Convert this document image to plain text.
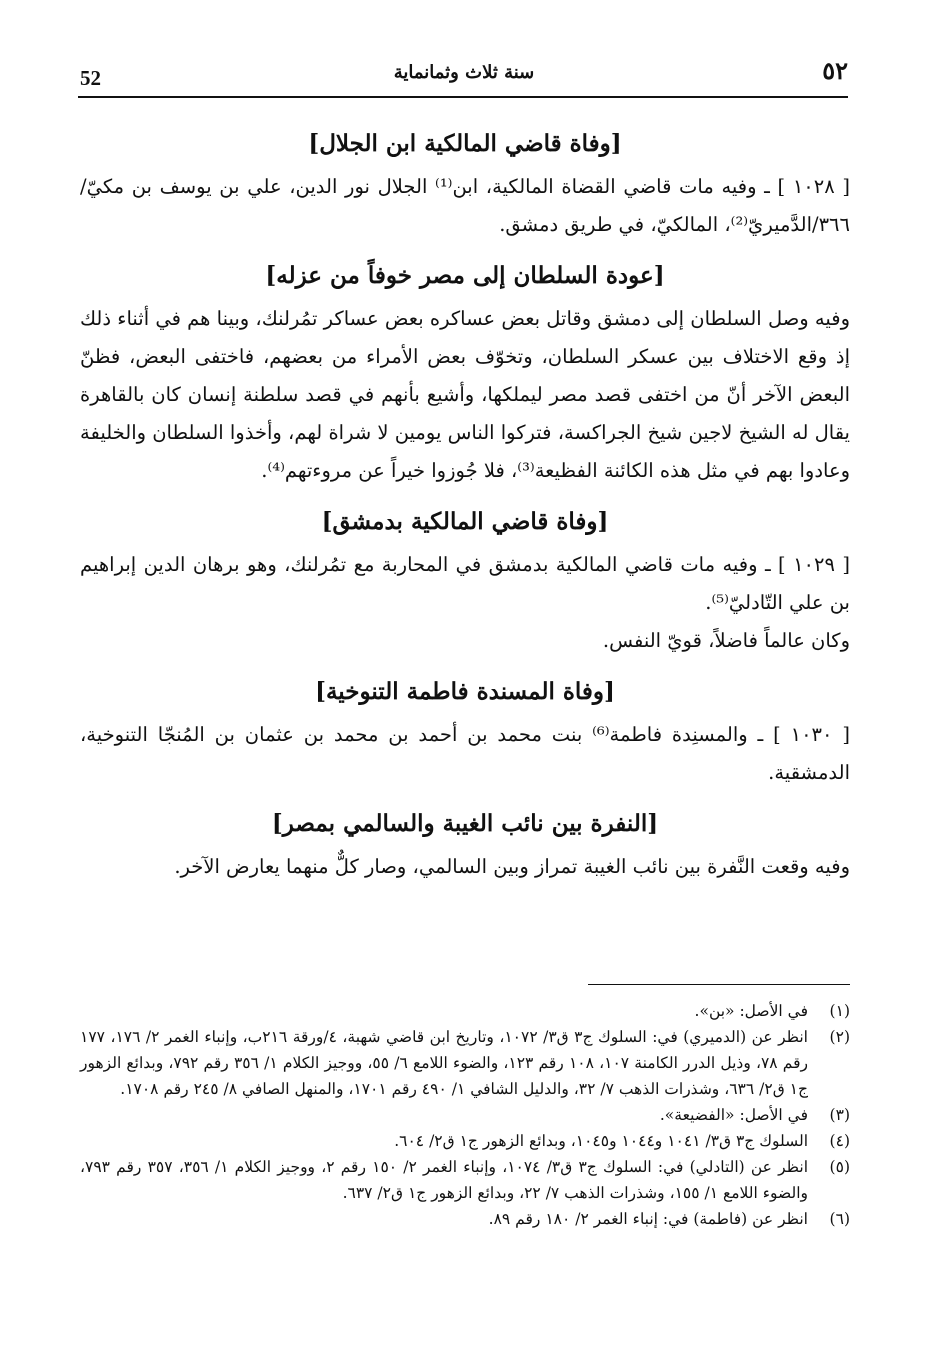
٥٢
سنة ثلاث وثمانماية
52
[وفاة قاضي المالكية ابن الجلال]

[ ١٠٢٨ ] ـ وفيه مات قاضي القضاة المالكية، ابن⁽¹⁾ الجلال نور الدين، علي بن يوسف بن مكيّ/ ٣٦٦/الدَّميريّ⁽²⁾، المالكيّ، في طريق دمشق.

[عودة السلطان إلى مصر خوفاً من عزله]

وفيه وصل السلطان إلى دمشق وقاتل بعض عساكره بعض عساكر تمُرلنك، وبينا هم في أثناء ذلك إذ وقع الاختلاف بين عسكر السلطان، وتخوّف بعض الأمراء من بعضهم، فاختفى البعض، فظنّ البعض الآخر أنّ من اختفى قصد مصر ليملكها، وأشيع بأنهم في قصد سلطنة إنسان كان بالقاهرة يقال له الشيخ لاجين شيخ الجراكسة، فتركوا الناس يومين لا شراة لهم، وأخذوا السلطان والخليفة وعادوا بهم في مثل هذه الكائنة الفظيعة⁽³⁾، فلا جُوزوا خيراً عن مروءتهم⁽⁴⁾.

[وفاة قاضي المالكية بدمشق]

[ ١٠٢٩ ] ـ وفيه مات قاضي المالكية بدمشق في المحاربة مع تمُرلنك، وهو برهان الدين إبراهيم بن علي التّادليّ⁽⁵⁾.

وكان عالماً فاضلاً، قويّ النفس.

[وفاة المسندة فاطمة التنوخية]

[ ١٠٣٠ ] ـ والمسنِدة فاطمة⁽⁶⁾ بنت محمد بن أحمد بن محمد بن عثمان بن المُنجّا التنوخية، الدمشقية.

[النفرة بين نائب الغيبة والسالمي بمصر]

وفيه وقعت النَّفرة بين نائب الغيبة تمراز وبين السالمي، وصار كلٌّ منهما يعارض الآخر.

(١)
في الأصل: «بن».
(٢)
انظر عن (الدميري) في: السلوك ج٣ ق٣/ ١٠٧٢، وتاريخ ابن قاضي شهبة، ٤/ورقة ٢١٦ب، وإنباء الغمر ٢/ ١٧٦، ١٧٧ رقم ٧٨، وذيل الدرر الكامنة ١٠٧، ١٠٨ رقم ١٢٣، والضوء اللامع ٦/ ٥٥، ووجيز الكلام ١/ ٣٥٦ رقم ٧٩٢، وبدائع الزهور ج١ ق٢/ ٦٣٦، وشذرات الذهب ٧/ ٣٢، والدليل الشافي ١/ ٤٩٠ رقم ١٧٠١، والمنهل الصافي ٨/ ٢٤٥ رقم ١٧٠٨.
(٣)
في الأصل: «الفضيعة».
(٤)
السلوك ج٣ ق٣/ ١٠٤١ و١٠٤٤ و١٠٤٥، وبدائع الزهور ج١ ق٢/ ٦٠٤.
(٥)
انظر عن (التادلي) في: السلوك ج٣ ق٣/ ١٠٧٤، وإنباء الغمر ٢/ ١٥٠ رقم ٢، ووجيز الكلام ١/ ٣٥٦، ٣٥٧ رقم ٧٩٣، والضوء اللامع ١/ ١٥٥، وشذرات الذهب ٧/ ٢٢، وبدائع الزهور ج١ ق٢/ ٦٣٧.
(٦)
انظر عن (فاطمة) في: إنباء الغمر ٢/ ١٨٠ رقم ٨٩.
